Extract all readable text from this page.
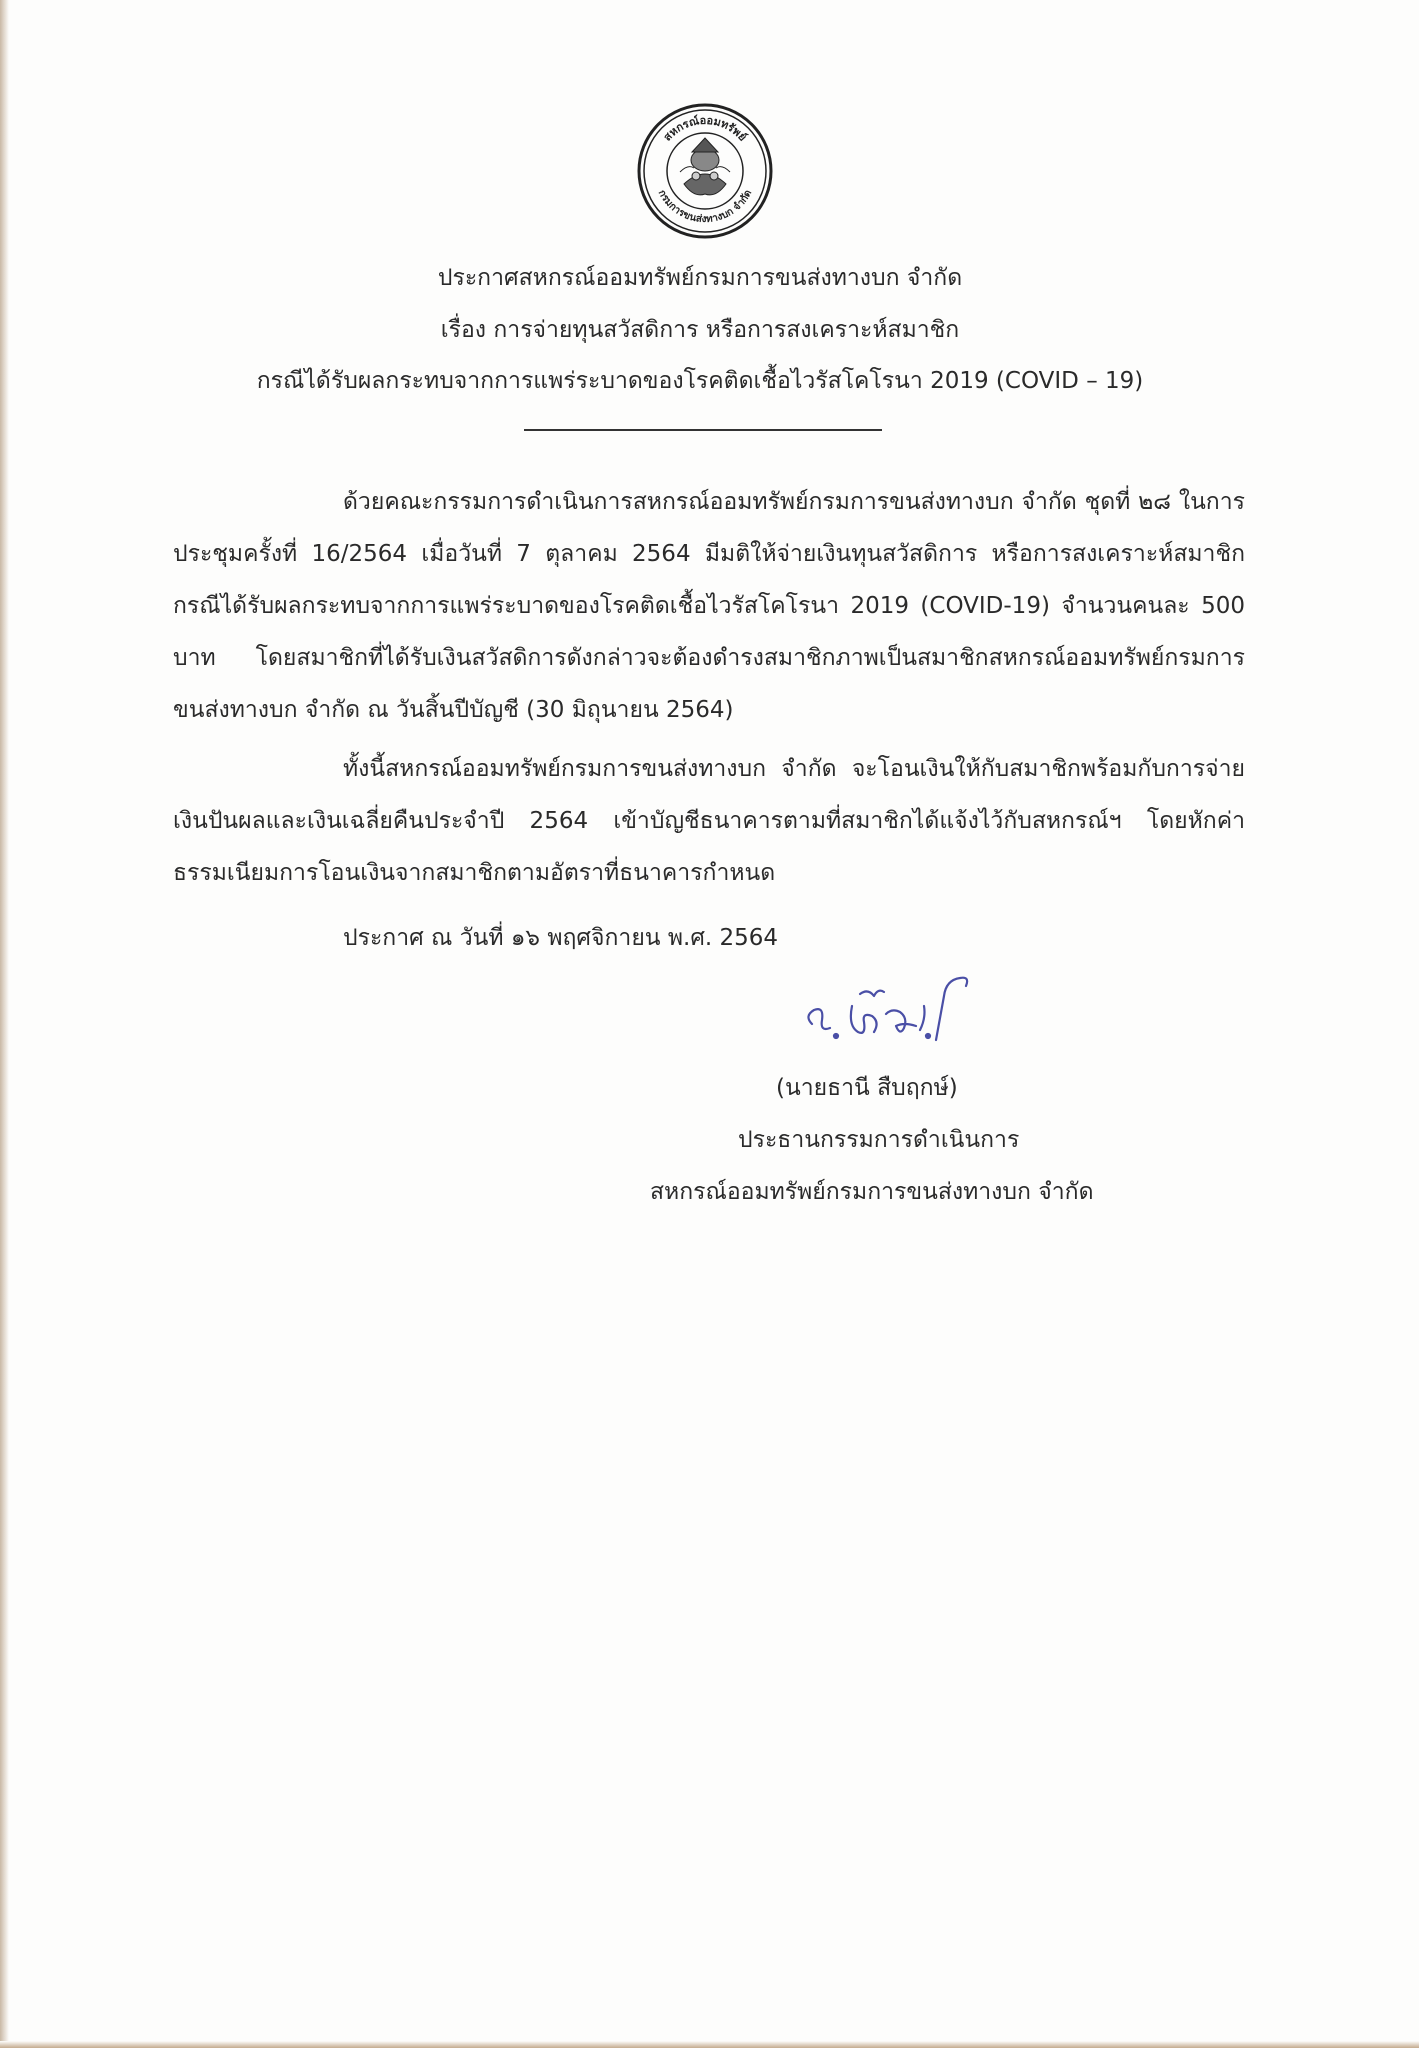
สหกรณ์ออมทรัพย์
กรมการขนส่งทางบก จำกัด
ประกาศสหกรณ์ออมทรัพย์กรมการขนส่งทางบก จำกัด
เรื่อง การจ่ายทุนสวัสดิการ หรือการสงเคราะห์สมาชิก
กรณีได้รับผลกระทบจากการแพร่ระบาดของโรคติดเชื้อไวรัสโคโรนา 2019 (COVID – 19)
ด้วยคณะกรรมการดำเนินการสหกรณ์ออมทรัพย์กรมการขนส่งทางบก จำกัด ชุดที่ ๒๘ ในการประชุมครั้งที่ 16/2564 เมื่อวันที่ 7 ตุลาคม 2564 มีมติให้จ่ายเงินทุนสวัสดิการ หรือการสงเคราะห์สมาชิก กรณีได้รับผลกระทบจากการแพร่ระบาดของโรคติดเชื้อไวรัสโคโรนา 2019 (COVID-19) จำนวนคนละ 500 บาท โดยสมาชิกที่ได้รับเงินสวัสดิการดังกล่าวจะต้องดำรงสมาชิกภาพเป็นสมาชิกสหกรณ์ออมทรัพย์กรมการขนส่งทางบก จำกัด ณ วันสิ้นปีบัญชี (30 มิถุนายน 2564)
ทั้งนี้สหกรณ์ออมทรัพย์กรมการขนส่งทางบก จำกัด จะโอนเงินให้กับสมาชิกพร้อมกับการจ่ายเงินปันผลและเงินเฉลี่ยคืนประจำปี 2564 เข้าบัญชีธนาคารตามที่สมาชิกได้แจ้งไว้กับสหกรณ์ฯ โดยหักค่าธรรมเนียมการโอนเงินจากสมาชิกตามอัตราที่ธนาคารกำหนด
ประกาศ ณ วันที่ ๑๖ พฤศจิกายน พ.ศ. 2564
(นายธานี สืบฤกษ์)
ประธานกรรมการดำเนินการ
สหกรณ์ออมทรัพย์กรมการขนส่งทางบก จำกัด
